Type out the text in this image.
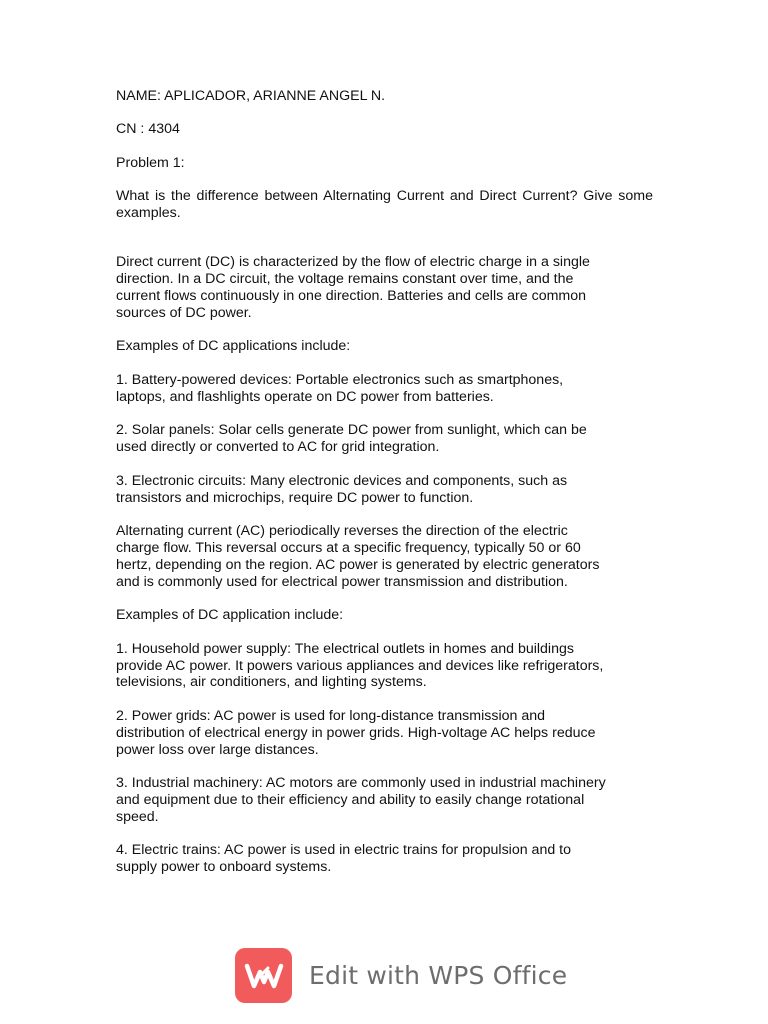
NAME: APLICADOR, ARIANNE ANGEL N.

CN : 4304

Problem 1:

What is the difference between Alternating Current and Direct Current? Give some examples.

Direct current (DC) is characterized by the flow of electric charge in a single
direction. In a DC circuit, the voltage remains constant over time, and the
current flows continuously in one direction. Batteries and cells are common
sources of DC power.

Examples of DC applications include:

1. Battery-powered devices: Portable electronics such as smartphones,
laptops, and flashlights operate on DC power from batteries.

2. Solar panels: Solar cells generate DC power from sunlight, which can be
used directly or converted to AC for grid integration.

3. Electronic circuits: Many electronic devices and components, such as
transistors and microchips, require DC power to function.

Alternating current (AC) periodically reverses the direction of the electric
charge flow. This reversal occurs at a specific frequency, typically 50 or 60
hertz, depending on the region. AC power is generated by electric generators
and is commonly used for electrical power transmission and distribution.

Examples of DC application include:

1. Household power supply: The electrical outlets in homes and buildings
provide AC power. It powers various appliances and devices like refrigerators,
televisions, air conditioners, and lighting systems.

2. Power grids: AC power is used for long-distance transmission and
distribution of electrical energy in power grids. High-voltage AC helps reduce
power loss over large distances.

3. Industrial machinery: AC motors are commonly used in industrial machinery
and equipment due to their efficiency and ability to easily change rotational
speed.

4. Electric trains: AC power is used in electric trains for propulsion and to
supply power to onboard systems.

Edit with WPS Office
